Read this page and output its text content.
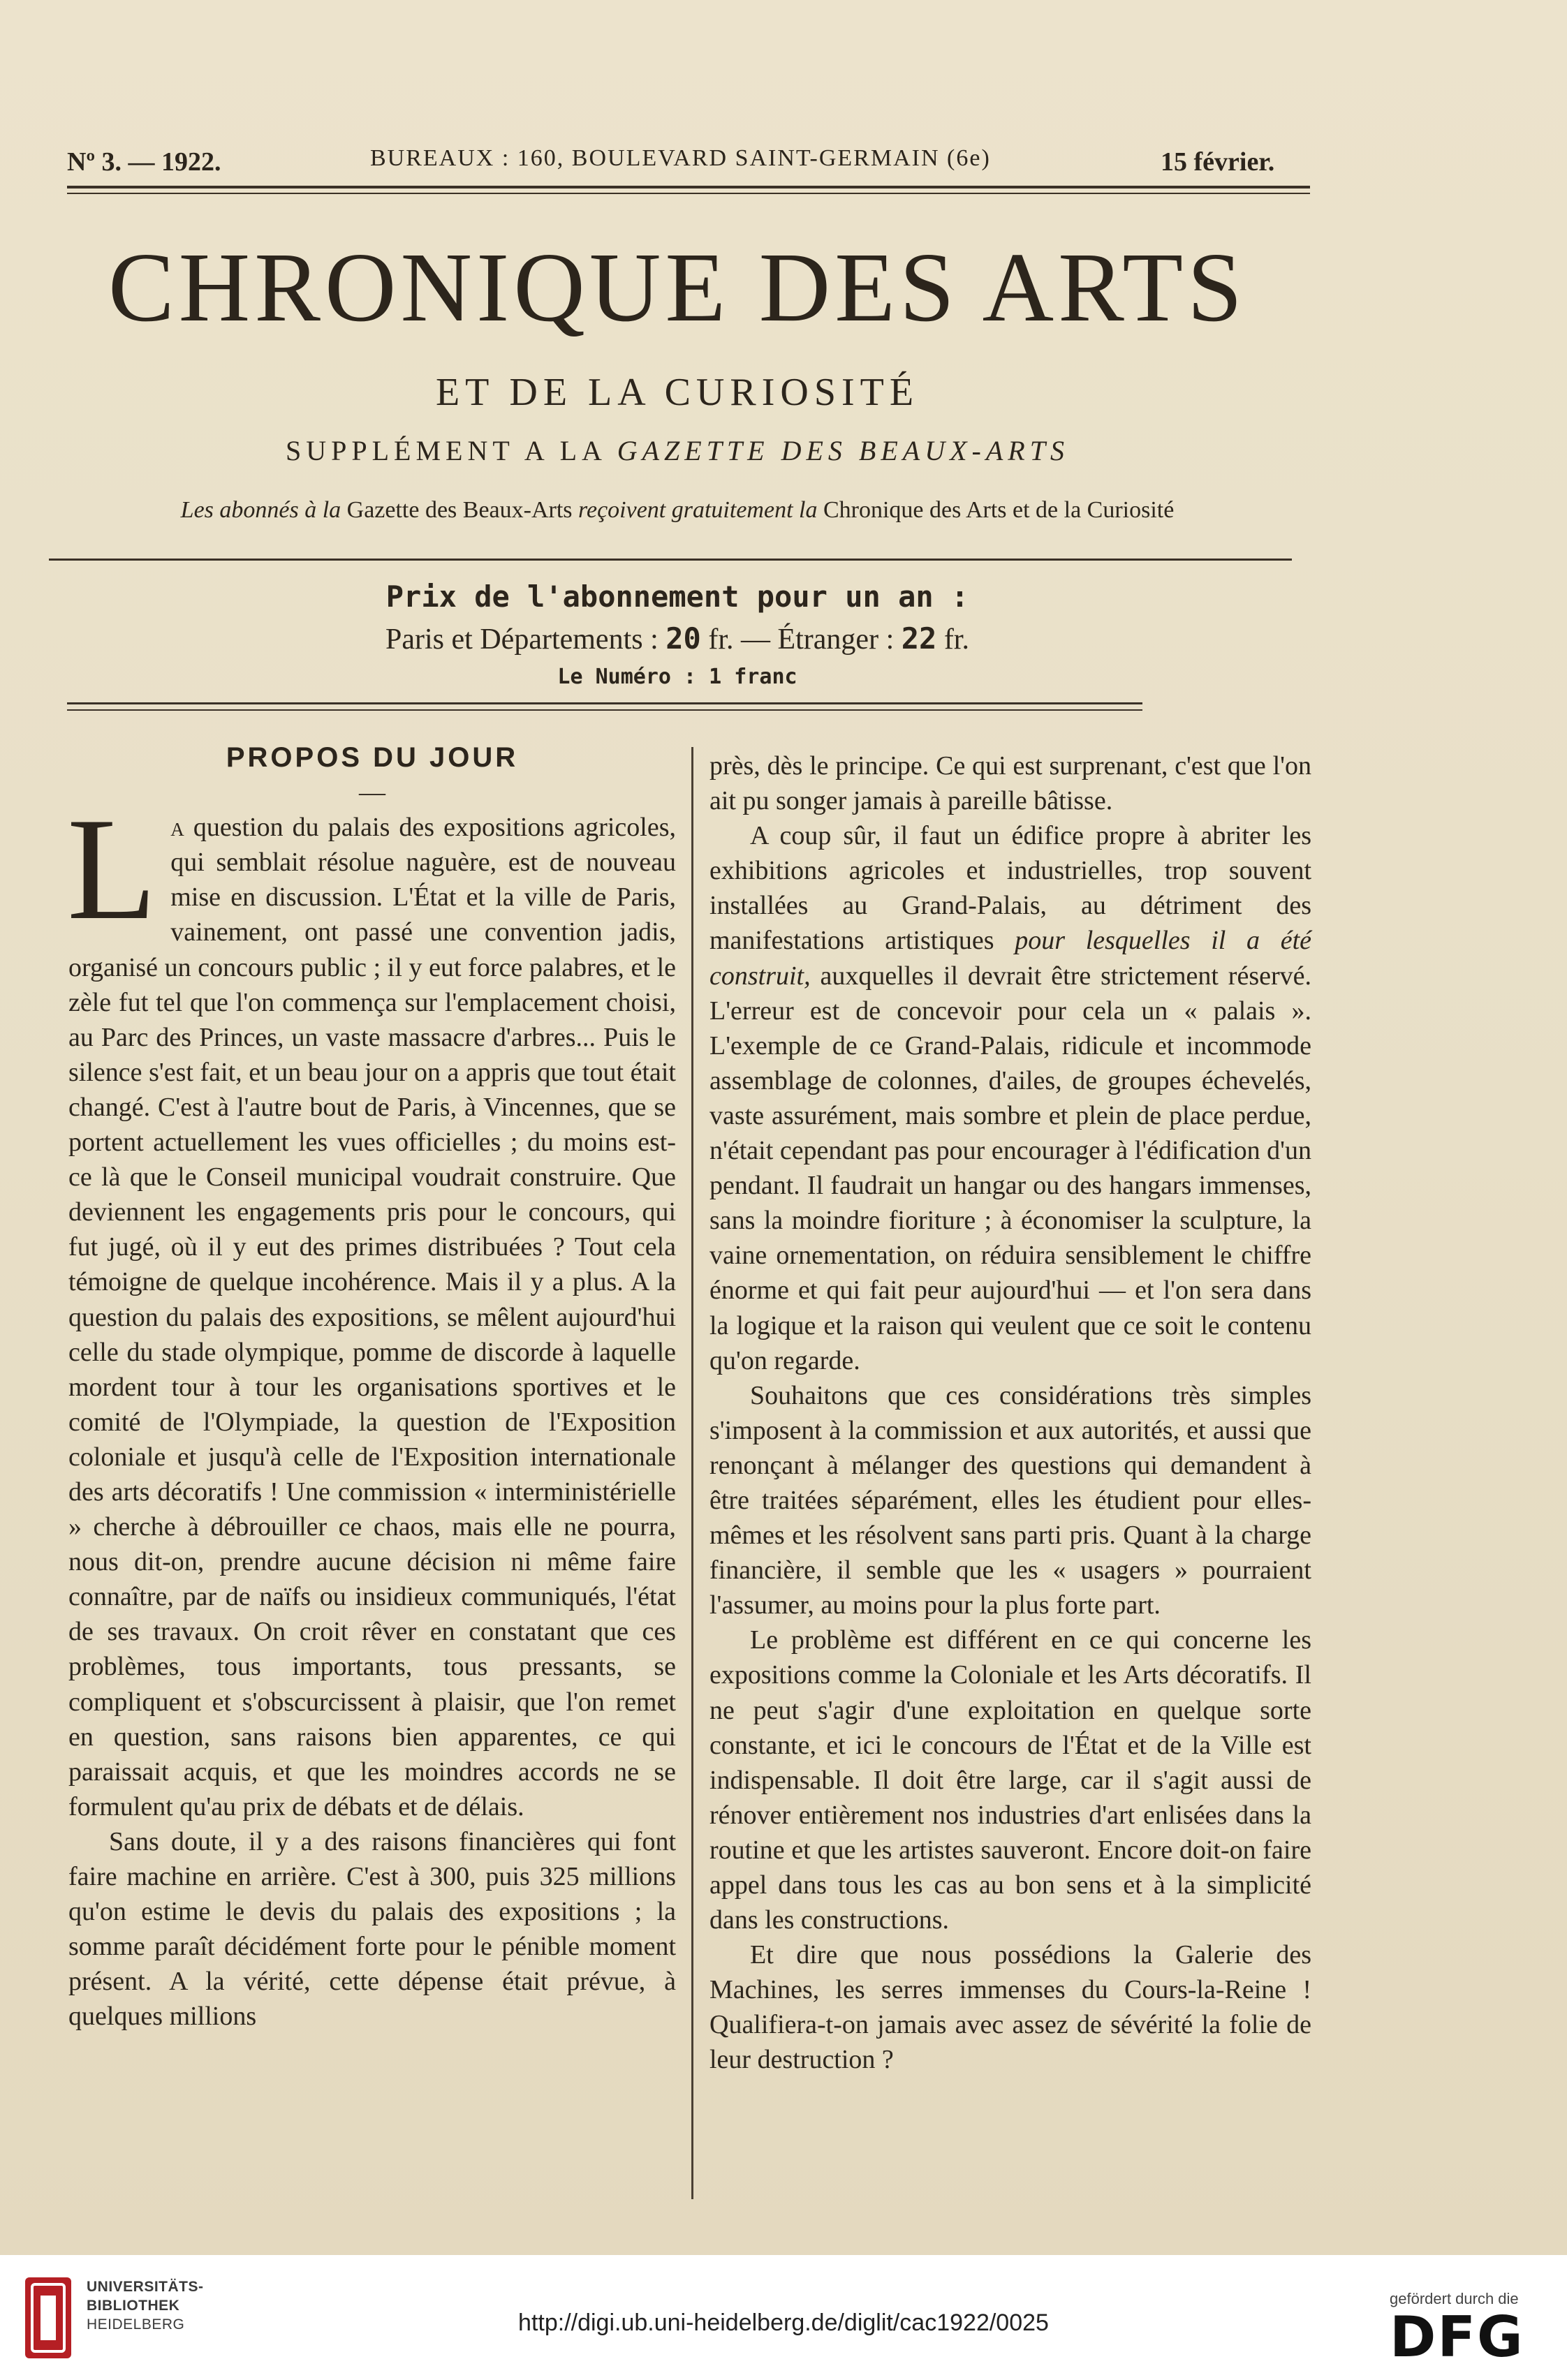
Nº 3. — 1922.	BUREAUX : 160, BOULEVARD SAINT-GERMAIN (6e)	15 février.
CHRONIQUE DES ARTS
ET DE LA CURIOSITÉ
SUPPLÉMENT A LA GAZETTE DES BEAUX-ARTS
Les abonnés à la Gazette des Beaux-Arts reçoivent gratuitement la Chronique des Arts et de la Curiosité
Prix de l'abonnement pour un an :
Paris et Départements : 20 fr. — Étranger : 22 fr.
Le Numéro : 1 franc

PROPOS DU JOUR

—

La question du palais des expositions agricoles, qui semblait résolue naguère, est de nouveau mise en discussion. L'État et la ville de Paris, vainement, ont passé une convention jadis, organisé un concours public ; il y eut force palabres, et le zèle fut tel que l'on commença sur l'emplacement choisi, au Parc des Princes, un vaste massacre d'arbres... Puis le silence s'est fait, et un beau jour on a appris que tout était changé. C'est à l'autre bout de Paris, à Vincennes, que se portent actuellement les vues officielles ; du moins est-ce là que le Conseil municipal voudrait construire. Que deviennent les engagements pris pour le concours, qui fut jugé, où il y eut des primes distribuées ? Tout cela témoigne de quelque incohérence. Mais il y a plus. A la question du palais des expositions, se mêlent aujourd'hui celle du stade olympique, pomme de discorde à laquelle mordent tour à tour les organisations sportives et le comité de l'Olympiade, la question de l'Exposition coloniale et jusqu'à celle de l'Exposition internationale des arts décoratifs ! Une commission « interministérielle » cherche à débrouiller ce chaos, mais elle ne pourra, nous dit-on, prendre aucune décision ni même faire connaître, par de naïfs ou insidieux communiqués, l'état de ses travaux. On croit rêver en constatant que ces problèmes, tous importants, tous pressants, se compliquent et s'obscurcissent à plaisir, que l'on remet en question, sans raisons bien apparentes, ce qui paraissait acquis, et que les moindres accords ne se formulent qu'au prix de débats et de délais.

Sans doute, il y a des raisons financières qui font faire machine en arrière. C'est à 300, puis 325 millions qu'on estime le devis du palais des expositions ; la somme paraît décidément forte pour le pénible moment présent. A la vérité, cette dépense était prévue, à quelques millions

près, dès le principe. Ce qui est surprenant, c'est que l'on ait pu songer jamais à pareille bâtisse.

A coup sûr, il faut un édifice propre à abriter les exhibitions agricoles et industrielles, trop souvent installées au Grand-Palais, au détriment des manifestations artistiques pour lesquelles il a été construit, auxquelles il devrait être strictement réservé. L'erreur est de concevoir pour cela un « palais ». L'exemple de ce Grand-Palais, ridicule et incommode assemblage de colonnes, d'ailes, de groupes échevelés, vaste assurément, mais sombre et plein de place perdue, n'était cependant pas pour encourager à l'édification d'un pendant. Il faudrait un hangar ou des hangars immenses, sans la moindre fioriture ; à économiser la sculpture, la vaine ornementation, on réduira sensiblement le chiffre énorme et qui fait peur aujourd'hui — et l'on sera dans la logique et la raison qui veulent que ce soit le contenu qu'on regarde.

Souhaitons que ces considérations très simples s'imposent à la commission et aux autorités, et aussi que renonçant à mélanger des questions qui demandent à être traitées séparément, elles les étudient pour elles-mêmes et les résolvent sans parti pris. Quant à la charge financière, il semble que les « usagers » pourraient l'assumer, au moins pour la plus forte part.

Le problème est différent en ce qui concerne les expositions comme la Coloniale et les Arts décoratifs. Il ne peut s'agir d'une exploitation en quelque sorte constante, et ici le concours de l'État et de la Ville est indispensable. Il doit être large, car il s'agit aussi de rénover entièrement nos industries d'art enlisées dans la routine et que les artistes sauveront. Encore doit-on faire appel dans tous les cas au bon sens et à la simplicité dans les constructions.

Et dire que nous possédions la Galerie des Machines, les serres immenses du Cours-la-Reine ! Qualifiera-t-on jamais avec assez de sévérité la folie de leur destruction ?

UNIVERSITÄTS-
BIBLIOTHEK
HEIDELBERG	http://digi.ub.uni-heidelberg.de/diglit/cac1922/0025
gefördert durch die
DFG
